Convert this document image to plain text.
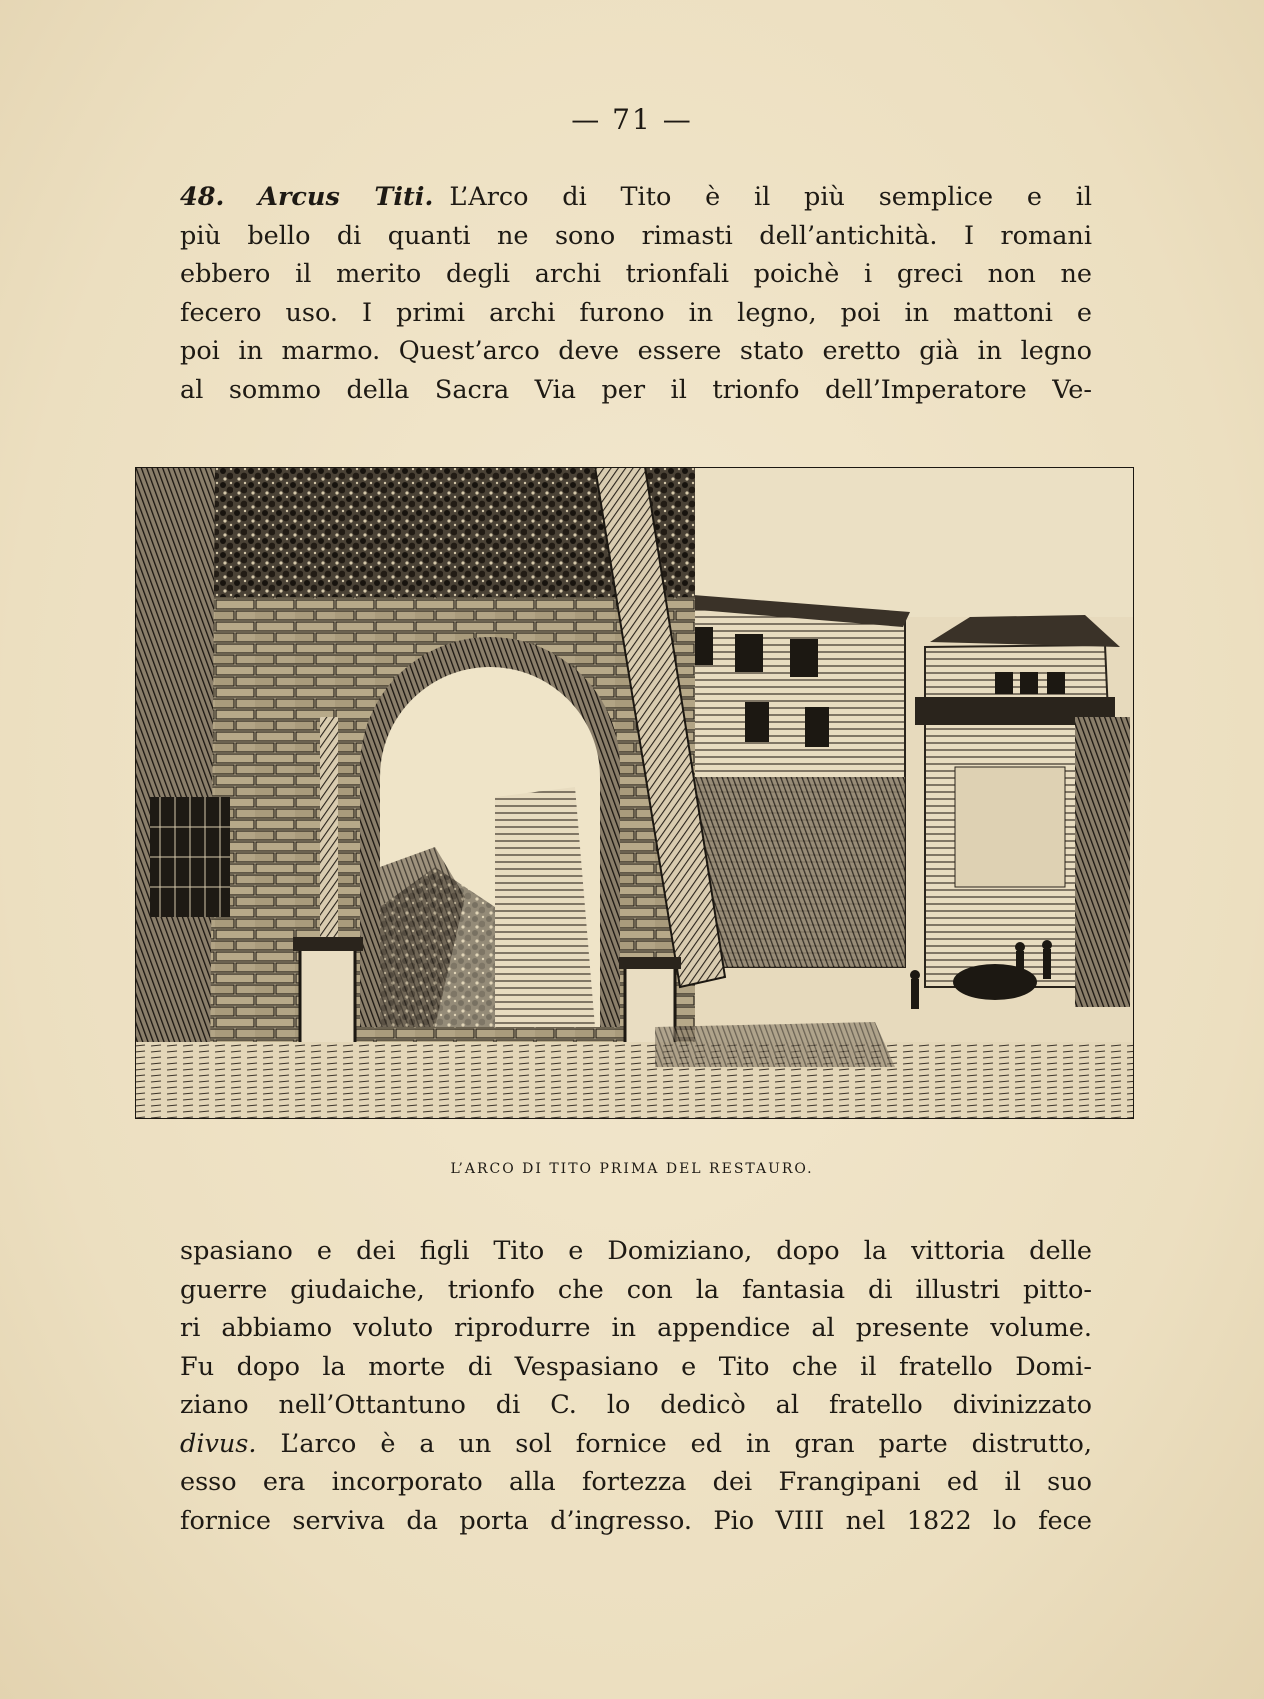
— 71 —
48. Arcus Titi. L’Arco di Tito è il più semplice e il
più bello di quanti ne sono rimasti dell’antichità. I romani
ebbero il merito degli archi trionfali poichè i greci non ne
fecero uso. I primi archi furono in legno, poi in mattoni e
poi in marmo. Quest’arco deve essere stato eretto già in legno
al sommo della Sacra Via per il trionfo dell’Imperatore Ve-
L’ARCO DI TITO PRIMA DEL RESTAURO.
spasiano e dei figli Tito e Domiziano, dopo la vittoria delle
guerre giudaiche, trionfo che con la fantasia di illustri pitto-
ri abbiamo voluto riprodurre in appendice al presente volume.
Fu dopo la morte di Vespasiano e Tito che il fratello Domi-
ziano nell’Ottantuno di C. lo dedicò al fratello divinizzato
divus. L’arco è a un sol fornice ed in gran parte distrutto,
esso era incorporato alla fortezza dei Frangipani ed il suo
fornice serviva da porta d’ingresso. Pio VIII nel 1822 lo fece
